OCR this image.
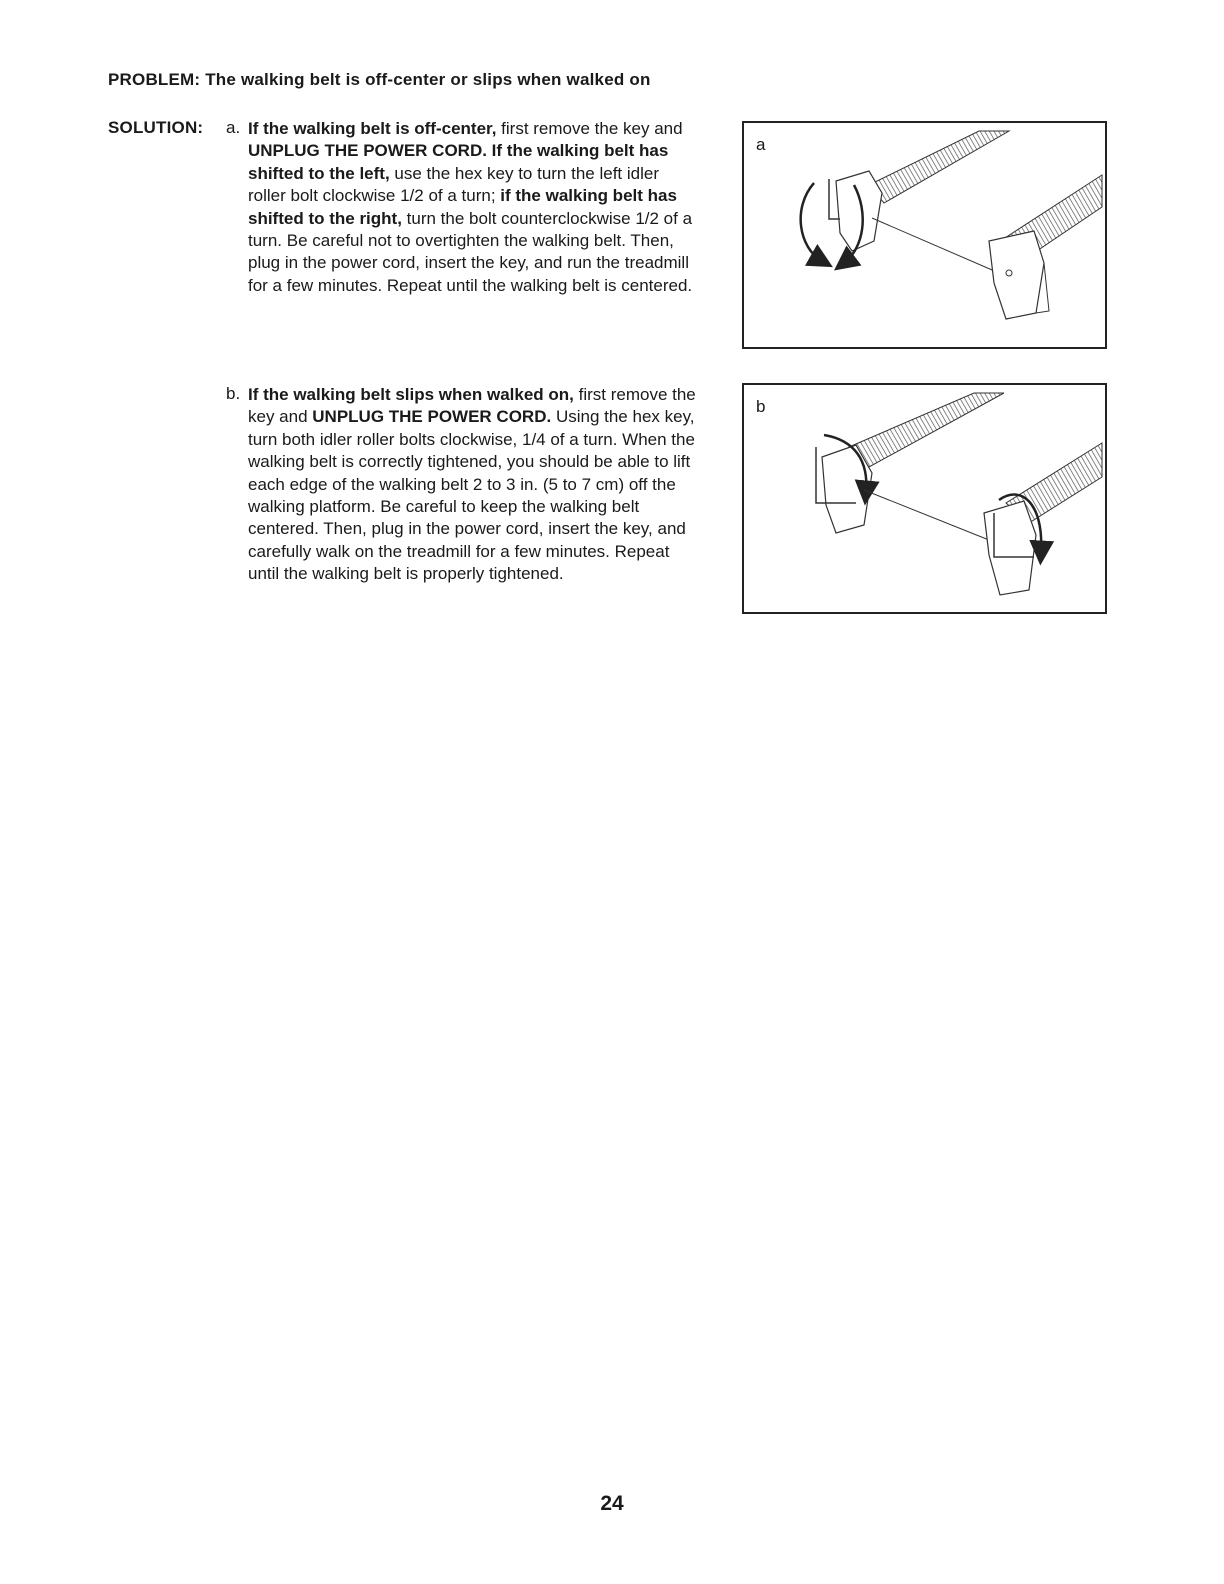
PROBLEM: The walking belt is off-center or slips when walked on
SOLUTION: a. If the walking belt is off-center, first remove the key and UNPLUG THE POWER CORD. If the walking belt has shifted to the left, use the hex key to turn the left idler roller bolt clockwise 1/2 of a turn; if the walking belt has shifted to the right, turn the bolt counterclockwise 1/2 of a turn. Be careful not to overtighten the walking belt. Then, plug in the power cord, insert the key, and run the treadmill for a few minutes. Repeat until the walking belt is centered.
b. If the walking belt slips when walked on, first remove the key and UNPLUG THE POWER CORD. Using the hex key, turn both idler roller bolts clockwise, 1/4 of a turn. When the walking belt is correctly tightened, you should be able to lift each edge of the walking belt 2 to 3 in. (5 to 7 cm) off the walking platform. Be careful to keep the walking belt centered. Then, plug in the power cord, insert the key, and carefully walk on the treadmill for a few minutes. Repeat until the walking belt is properly tightened.
a
b
24
